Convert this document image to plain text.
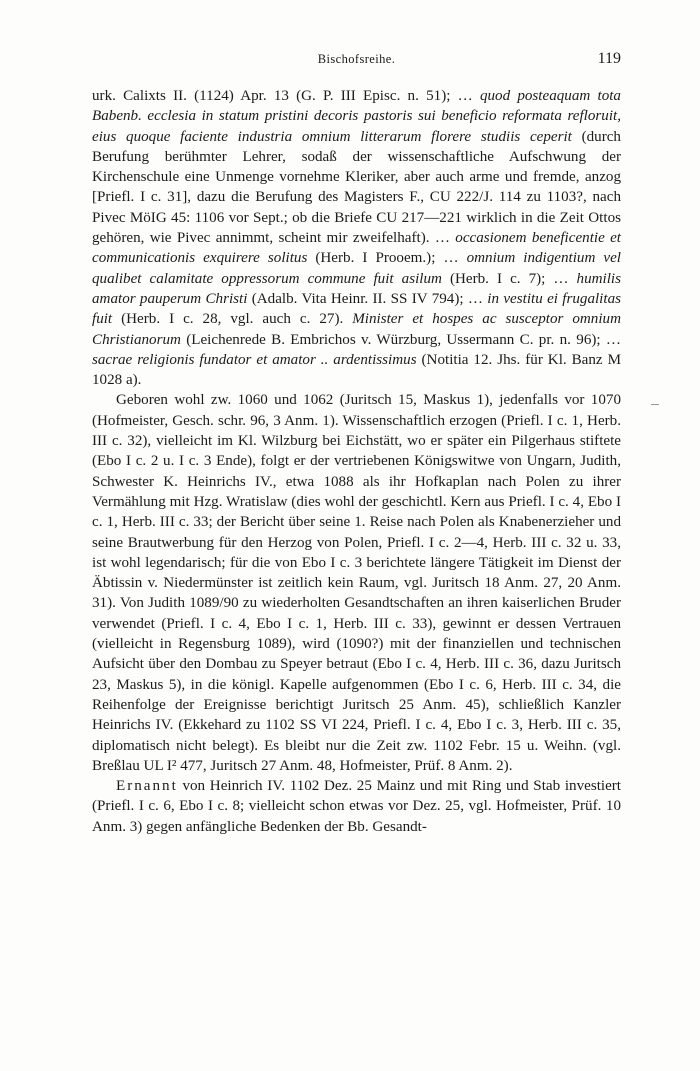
Bischofsreihe.	119

urk. Calixts II. (1124) Apr. 13 (G. P. III Episc. n. 51); … quod posteaquam tota Babenb. ecclesia in statum pristini decoris pastoris sui beneficio reformata refloruit, eius quoque faciente industria omnium litterarum florere studiis ceperit (durch Berufung berühmter Lehrer, sodaß der wissenschaftliche Aufschwung der Kirchenschule eine Unmenge vornehme Kleriker, aber auch arme und fremde, anzog [Priefl. I c. 31], dazu die Berufung des Magisters F., CU 222/J. 114 zu 1103?, nach Pivec MöIG 45: 1106 vor Sept.; ob die Briefe CU 217—221 wirklich in die Zeit Ottos gehören, wie Pivec annimmt, scheint mir zweifelhaft). … occasionem beneficentie et communicationis exquirere solitus (Herb. I Prooem.); … omnium indigentium vel qualibet calamitate oppressorum commune fuit asilum (Herb. I c. 7); … humilis amator pauperum Christi (Adalb. Vita Heinr. II. SS IV 794); … in vestitu ei frugalitas fuit (Herb. I c. 28, vgl. auch c. 27). Minister et hospes ac susceptor omnium Christianorum (Leichenrede B. Embrichos v. Würzburg, Ussermann C. pr. n. 96); … sacrae religionis fundator et amator .. ardentissimus (Notitia 12. Jhs. für Kl. Banz M 1028 a).

Geboren wohl zw. 1060 und 1062 (Juritsch 15, Maskus 1), jedenfalls vor 1070 (Hofmeister, Gesch. schr. 96, 3 Anm. 1). Wissenschaftlich erzogen (Priefl. I c. 1, Herb. III c. 32), vielleicht im Kl. Wilzburg bei Eichstätt, wo er später ein Pilgerhaus stiftete (Ebo I c. 2 u. I c. 3 Ende), folgt er der vertriebenen Königswitwe von Ungarn, Judith, Schwester K. Heinrichs IV., etwa 1088 als ihr Hofkaplan nach Polen zu ihrer Vermählung mit Hzg. Wratislaw (dies wohl der geschichtl. Kern aus Priefl. I c. 4, Ebo I c. 1, Herb. III c. 33; der Bericht über seine 1. Reise nach Polen als Knabenerzieher und seine Brautwerbung für den Herzog von Polen, Priefl. I c. 2—4, Herb. III c. 32 u. 33, ist wohl legendarisch; für die von Ebo I c. 3 berichtete längere Tätigkeit im Dienst der Äbtissin v. Niedermünster ist zeitlich kein Raum, vgl. Juritsch 18 Anm. 27, 20 Anm. 31). Von Judith 1089/90 zu wiederholten Gesandtschaften an ihren kaiserlichen Bruder verwendet (Priefl. I c. 4, Ebo I c. 1, Herb. III c. 33), gewinnt er dessen Vertrauen (vielleicht in Regensburg 1089), wird (1090?) mit der finanziellen und technischen Aufsicht über den Dombau zu Speyer betraut (Ebo I c. 4, Herb. III c. 36, dazu Juritsch 23, Maskus 5), in die königl. Kapelle aufgenommen (Ebo I c. 6, Herb. III c. 34, die Reihenfolge der Ereignisse berichtigt Juritsch 25 Anm. 45), schließlich Kanzler Heinrichs IV. (Ekkehard zu 1102 SS VI 224, Priefl. I c. 4, Ebo I c. 3, Herb. III c. 35, diplomatisch nicht belegt). Es bleibt nur die Zeit zw. 1102 Febr. 15 u. Weihn. (vgl. Breßlau UL I² 477, Juritsch 27 Anm. 48, Hofmeister, Prüf. 8 Anm. 2).

Ernannt von Heinrich IV. 1102 Dez. 25 Mainz und mit Ring und Stab investiert (Priefl. I c. 6, Ebo I c. 8; vielleicht schon etwas vor Dez. 25, vgl. Hofmeister, Prüf. 10 Anm. 3) gegen anfängliche Bedenken der Bb. Gesandt-
